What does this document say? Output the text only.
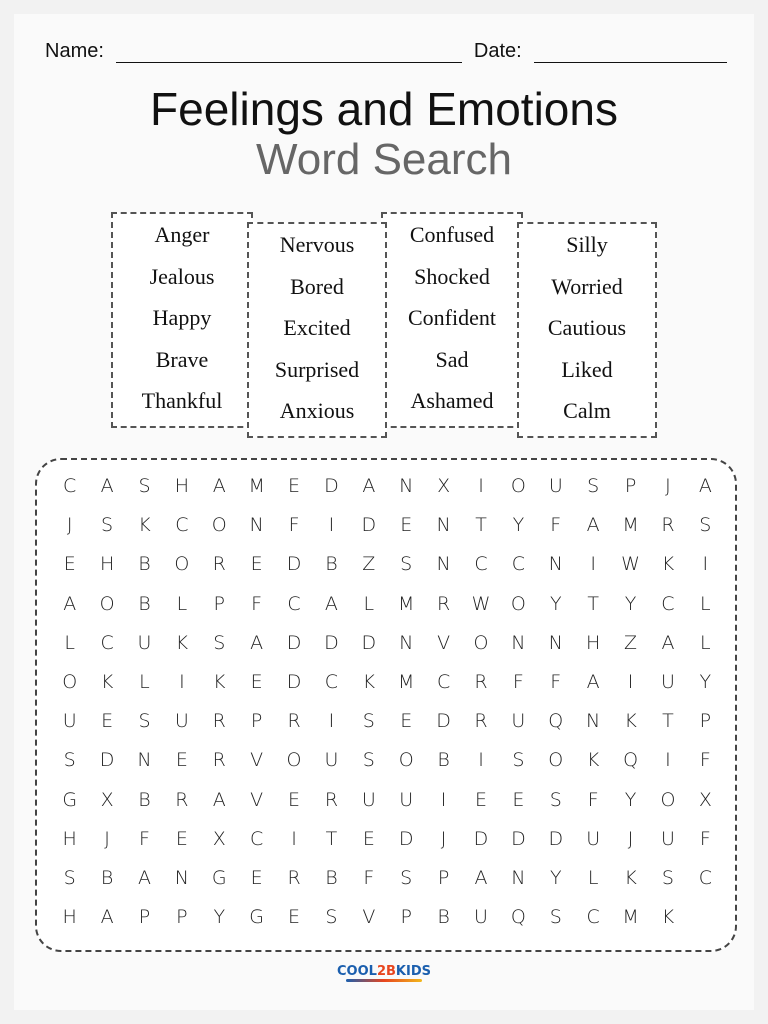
Name:	Date:
Feelings and Emotions
Word Search
Anger
Jealous
Happy
Brave
Thankful
Nervous
Bored
Excited
Surprised
Anxious
Confused
Shocked
Confident
Sad
Ashamed
Silly
Worried
Cautious
Liked
Calm
C	A	S	H	A	M	E	D	A	N	X	I	O	U	S	P	J	A
J	S	K	C	O	N	F	I	D	E	N	T	Y	F	A	M	R	S
E	H	B	O	R	E	D	B	Z	S	N	C	C	N	I	W	K	I
A	O	B	L	P	F	C	A	L	M	R	W	O	Y	T	Y	C	L
L	C	U	K	S	A	D	D	D	N	V	O	N	N	H	Z	A	L
O	K	L	I	K	E	D	C	K	M	C	R	F	F	A	I	U	Y
U	E	S	U	R	P	R	I	S	E	D	R	U	Q	N	K	T	P
S	D	N	E	R	V	O	U	S	O	B	I	S	O	K	Q	I	F
G	X	B	R	A	V	E	R	U	U	I	E	E	S	F	Y	O	X
H	J	F	E	X	C	I	T	E	D	J	D	D	D	U	J	U	F
S	B	A	N	G	E	R	B	F	S	P	A	N	Y	L	K	S	C
H	A	P	P	Y	G	E	S	V	P	B	U	Q	S	C	M	K
COOL2BKIDS
